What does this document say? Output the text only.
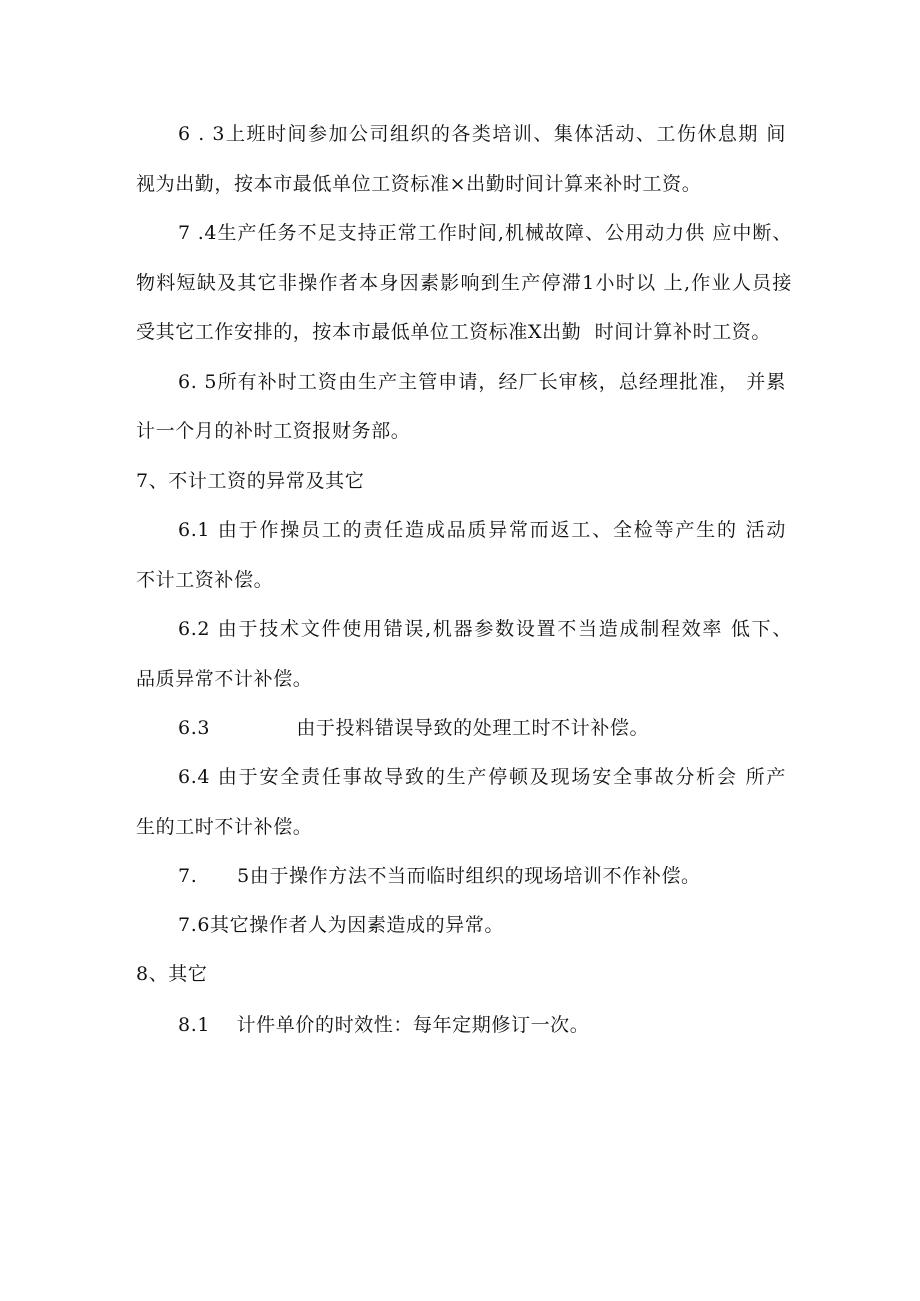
6 . 3上班时间参加公司组织的各类培训、集体活动、工伤休息期 间
视为出勤，按本市最低单位工资标准×出勤时间计算来补时工资。
7 .4生产任务不足支持正常工作时间,机械故障、公用动力供 应中断、
物料短缺及其它非操作者本身因素影响到生产停滞1小时以 上,作业人员接
受其它工作安排的，按本市最低单位工资标准X出勤  时间计算补时工资。
6. 5所有补时工资由生产主管申请，经厂长审核，总经理批准， 并累
计一个月的补时工资报财务部。
7、不计工资的异常及其它
6.1 由于作操员工的责任造成品质异常而返工、全检等产生的 活动
不计工资补偿。
6.2 由于技术文件使用错误,机器参数设置不当造成制程效率 低下、
品质异常不计补偿。
6.3             由于投料错误导致的处理工时不计补偿。
6.4 由于安全责任事故导致的生产停顿及现场安全事故分析会 所产
生的工时不计补偿。
7.      5由于操作方法不当而临时组织的现场培训不作补偿。
7.6其它操作者人为因素造成的异常。
8、其它
8.1    计件单价的时效性：每年定期修订一次。
